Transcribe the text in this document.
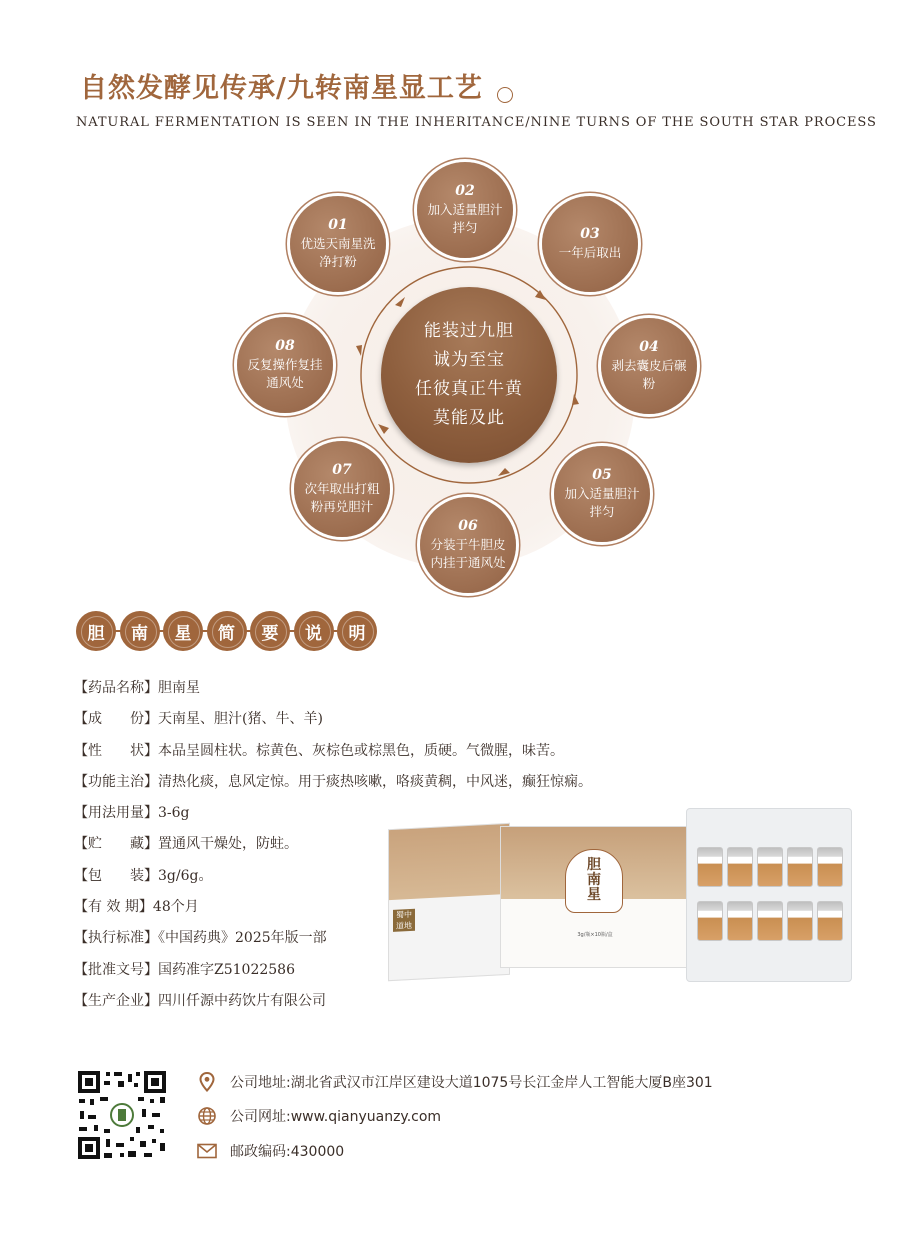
自然发酵见传承/九转南星显工艺
NATURAL FERMENTATION IS SEEN IN THE INHERITANCE/NINE TURNS OF THE SOUTH STAR PROCESS
01
优选天南星洗净打粉
02
加入适量胆汁拌匀	03
一年后取出
04
剥去囊皮后碾粉
05
加入适量胆汁拌匀
06
分装于牛胆皮内挂于通风处
07
次年取出打粗粉再兑胆汁
08
反复操作复挂通风处
能装过九胆
诚为至宝
任彼真正牛黄
莫能及此
胆	南	星	简	要	说	明
【药品名称】胆南星
【成　　份】天南星、胆汁(猪、牛、羊)
【性　　状】本品呈圆柱状。棕黄色、灰棕色或棕黑色，质硬。气微腥，味苦。
【功能主治】清热化痰，息风定惊。用于痰热咳嗽，咯痰黄稠，中风迷，癫狂惊痫。
【用法用量】3-6g
【贮　　藏】置通风干燥处，防蛀。
【包　　装】3g/6g。
【有 效 期】48个月
【执行标准】《中国药典》2025年版一部
【批准文号】国药准字Z51022586
【生产企业】四川仟源中药饮片有限公司
蜀中道地
胆南星
3g/瓶×10瓶/盒
公司地址:湖北省武汉市江岸区建设大道1075号长江金岸人工智能大厦B座301
公司网址:www.qianyuanzy.com
邮政编码:430000
